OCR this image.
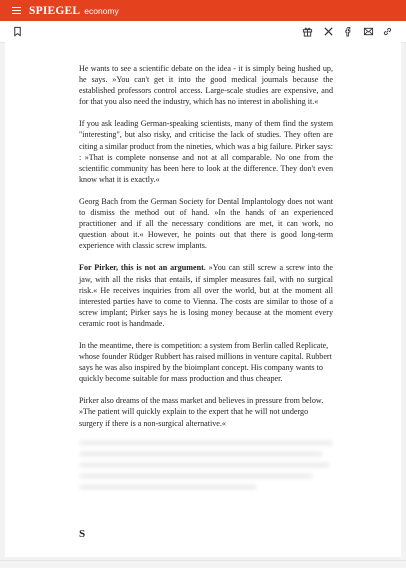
SPIEGEL economy

He wants to see a scientific debate on the idea - it is simply being hushed up, he says. »You can't get it into the good medical journals because the established professors control access. Large-scale studies are expensive, and for that you also need the industry, which has no interest in abolishing it.«

If you ask leading German-speaking scientists, many of them find the system "interesting", but also risky, and criticise the lack of studies. They often are citing a similar product from the nineties, which was a big failure. Pirker says: : »That is complete nonsense and not at all comparable. No one from the scientific community has been here to look at the difference. They don't even know what it is exactly.«

Georg Bach from the German Society for Dental Implantology does not want to dismiss the method out of hand. »In the hands of an experienced practitioner and if all the necessary conditions are met, it can work, no question about it.« However, he points out that there is good long-term experience with classic screw implants.

For Pirker, this is not an argument. »You can still screw a screw into the jaw, with all the risks that entails, if simpler measures fail, with no surgical risk.« He receives inquiries from all over the world, but at the moment all interested parties have to come to Vienna. The costs are similar to those of a screw implant; Pirker says he is losing money because at the moment every ceramic root is handmade.

In the meantime, there is competition: a system from Berlin called Replicate, whose founder Rüdger Rubbert has raised millions in venture capital. Rubbert says he was also inspired by the bioimplant concept. His company wants to quickly become suitable for mass production and thus cheaper.

Pirker also dreams of the mass market and believes in pressure from below. »The patient will quickly explain to the expert that he will not undergo surgery if there is a non-surgical alternative.«

S
